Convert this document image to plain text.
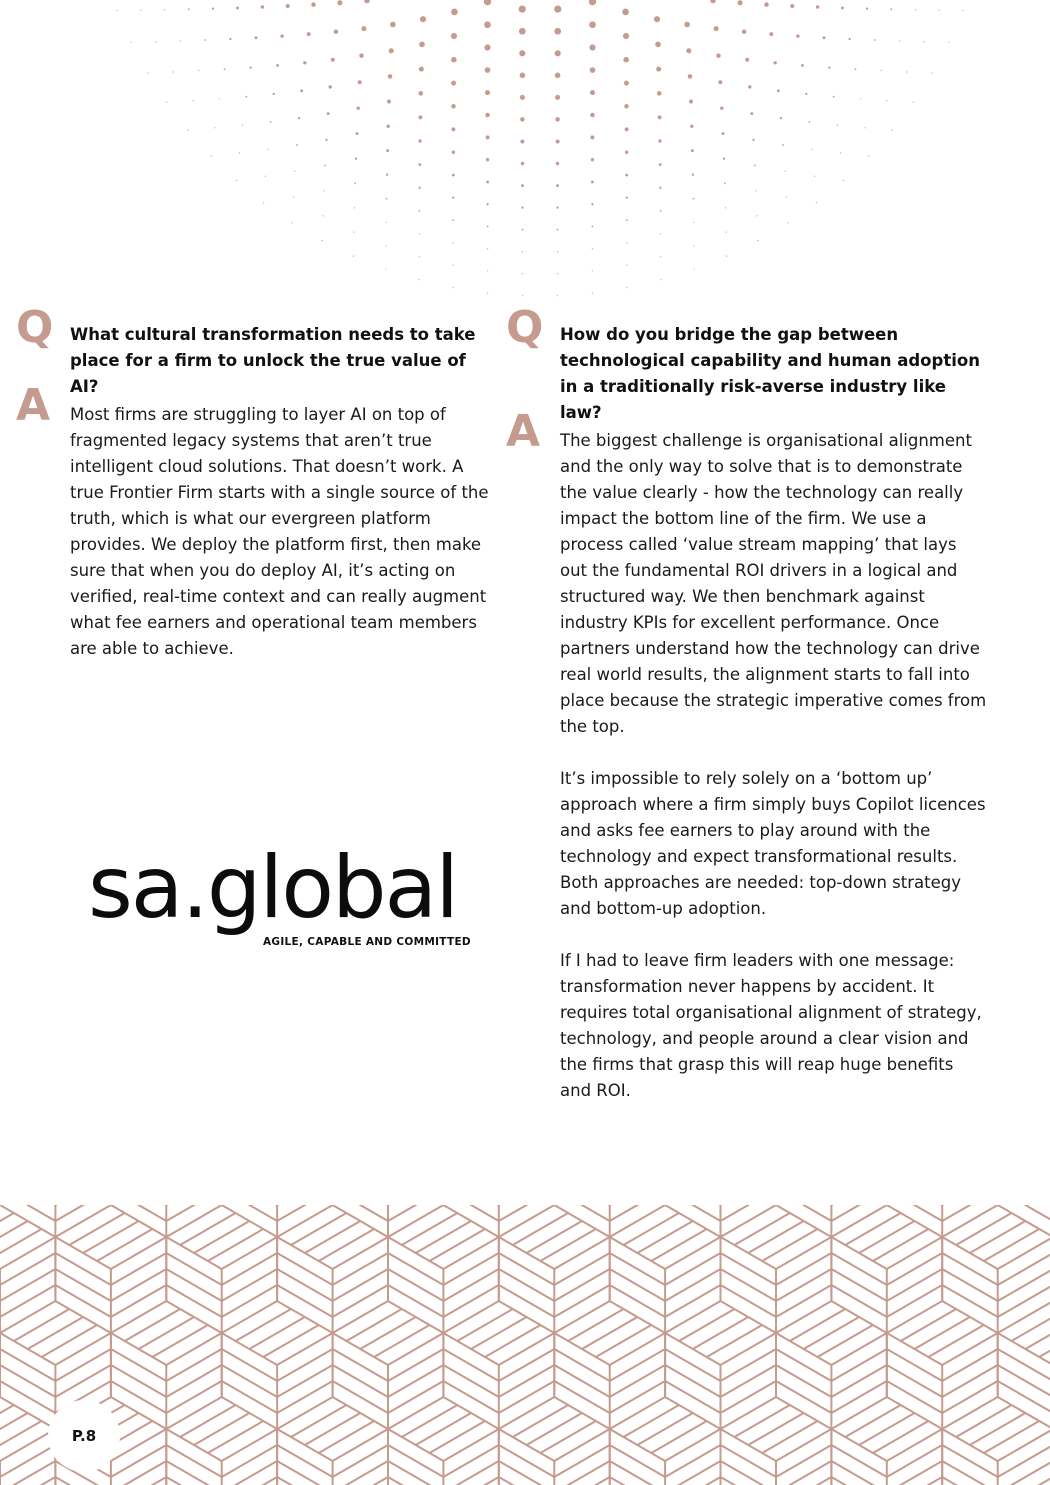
Q What cultural transformation needs to take place for a firm to unlock the true value of AI?
A Most firms are struggling to layer AI on top of fragmented legacy systems that aren’t true intelligent cloud solutions. That doesn’t work. A true Frontier Firm starts with a single source of the truth, which is what our evergreen platform provides. We deploy the platform first, then make sure that when you do deploy AI, it’s acting on verified, real-time context and can really augment what fee earners and operational team members are able to achieve.
Q How do you bridge the gap between technological capability and human adoption in a traditionally risk-averse industry like law?
A The biggest challenge is organisational alignment and the only way to solve that is to demonstrate the value clearly - how the technology can really impact the bottom line of the firm. We use a process called ‘value stream mapping’ that lays out the fundamental ROI drivers in a logical and structured way. We then benchmark against industry KPIs for excellent performance. Once partners understand how the technology can drive real world results, the alignment starts to fall into place because the strategic imperative comes from the top.

It’s impossible to rely solely on a ‘bottom up’ approach where a firm simply buys Copilot licences and asks fee earners to play around with the technology and expect transformational results. Both approaches are needed: top-down strategy and bottom-up adoption.

If I had to leave firm leaders with one message: transformation never happens by accident. It requires total organisational alignment of strategy, technology, and people around a clear vision and the firms that grasp this will reap huge benefits and ROI.

sa.global
AGILE, CAPABLE AND COMMITTED
P.8
